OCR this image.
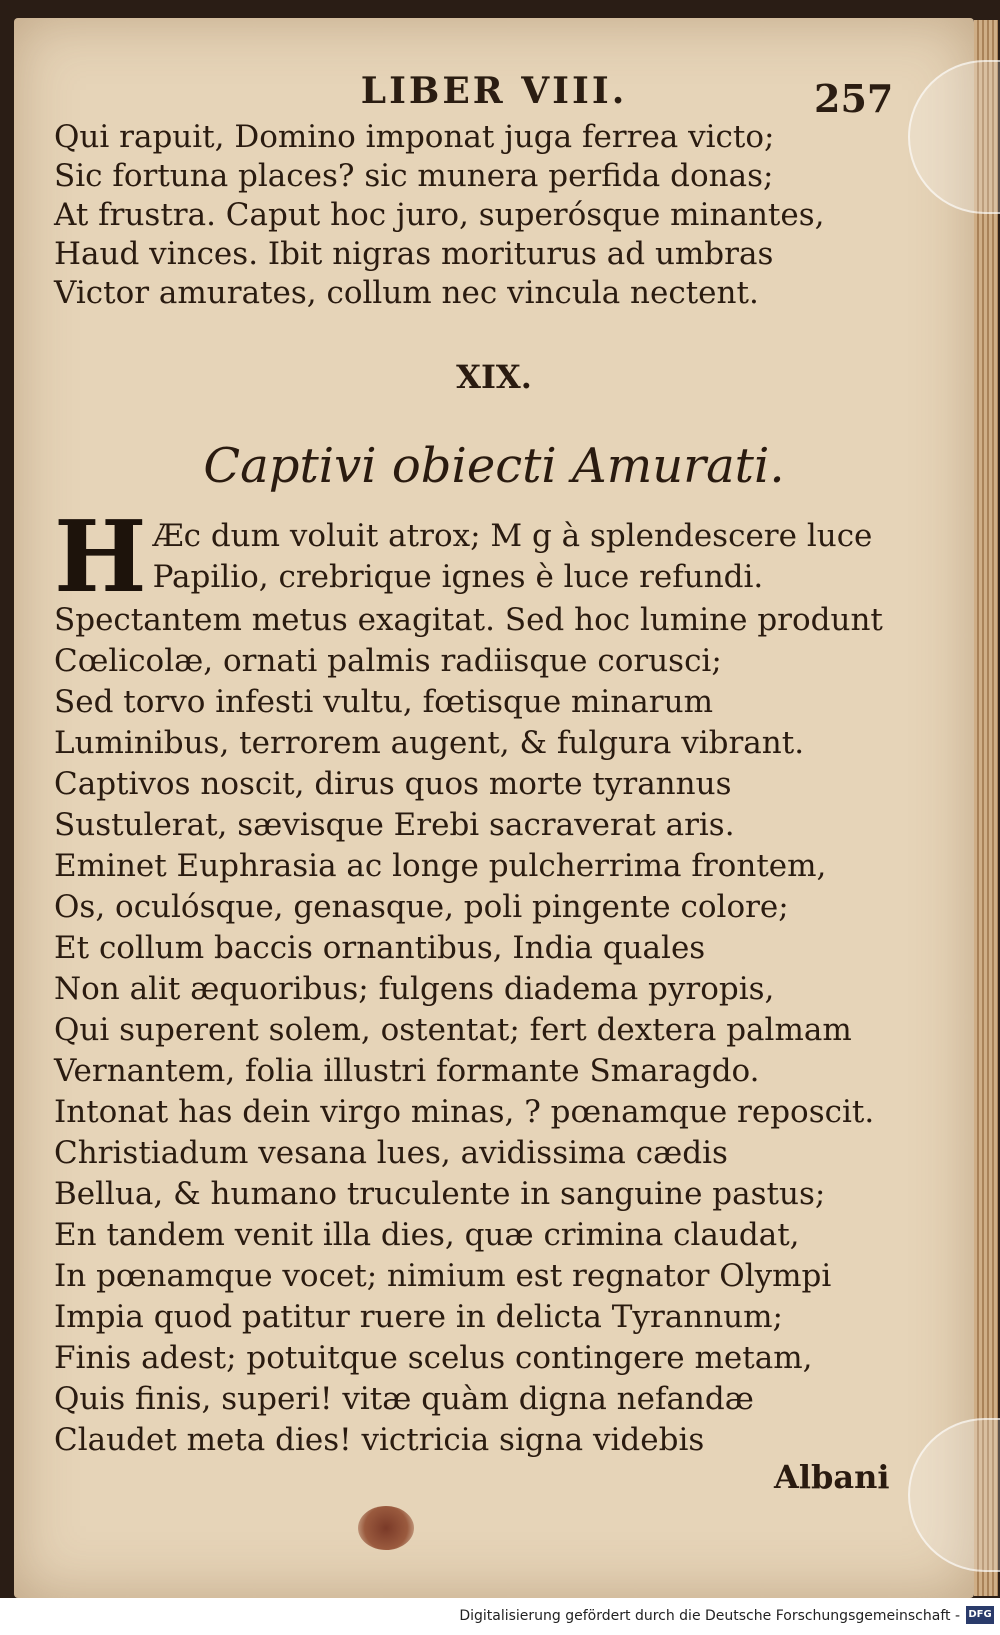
LIBER VIII.	257
Qui rapuit, Domino imponat juga ferrea victo;
Sic fortuna places? sic munera perfida donas;
At frustra. Caput hoc juro, superósque minantes,
Haud vinces. Ibit nigras moriturus ad umbras
Victor amurates, collum nec vincula nectent.
XIX.
Captivi obiecti Amurati.
H Æc dum voluit atrox; M g à splendescere luce
Papilio, crebrique ignes è luce refundi.
Spectantem metus exagitat. Sed hoc lumine produnt
Cœlicolæ, ornati palmis radiisque corusci;
Sed torvo infesti vultu, fœtisque minarum
Luminibus, terrorem augent, & fulgura vibrant.
Captivos noscit, dirus quos morte tyrannus
Sustulerat, sævisque Erebi sacraverat aris.
Eminet Euphrasia ac longe pulcherrima frontem,
Os, oculósque, genasque, poli pingente colore;
Et collum baccis ornantibus, India quales
Non alit æquoribus; fulgens diadema pyropis,
Qui superent solem, ostentat; fert dextera palmam
Vernantem, folia illustri formante Smaragdo.
Intonat has dein virgo minas, ? pœnamque reposcit.
Christiadum vesana lues, avidissima cædis
Bellua, & humano truculente in sanguine pastus;
En tandem venit illa dies, quæ crimina claudat,
In pœnamque vocet; nimium est regnator Olympi
Impia quod patitur ruere in delicta Tyrannum;
Finis adest; potuitque scelus contingere metam,
Quis finis, superi! vitæ quàm digna nefandæ
Claudet meta dies! victricia signa videbis
Albani
Digitalisierung gefördert durch die Deutsche Forschungsgemeinschaft - DFG
